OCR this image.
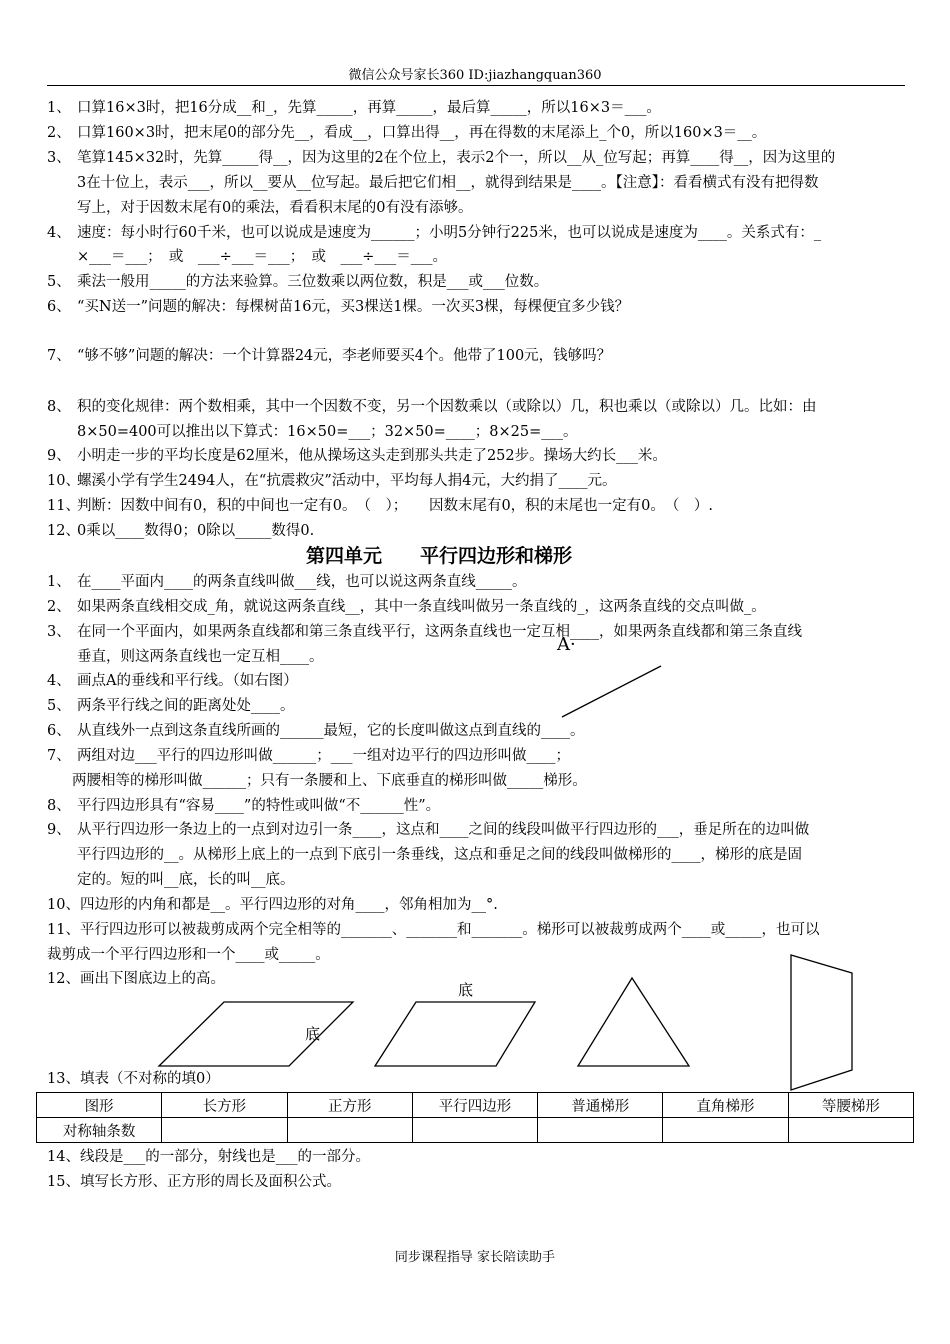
微信公众号家长360 ID:jiazhangquan360
1、 口算16×3时，把16分成__和_，先算_____，再算_____，最后算_____，所以16×3＝___。
2、 口算160×3时，把末尾0的部分先__，看成__，口算出得__，再在得数的末尾添上_个0，所以160×3＝__。
3、 笔算145×32时，先算_____得__，因为这里的2在个位上，表示2个一，所以__从_位写起；再算____得__，因为这里的
3在十位上，表示___，所以__要从__位写起。最后把它们相__，就得到结果是____。【注意】：看看横式有没有把得数
写上，对于因数末尾有0的乘法，看看积末尾的0有没有添够。
4、 速度：每小时行60千米，也可以说成是速度为______；小明5分钟行225米，也可以说成是速度为____。关系式有：_
×___＝___；　或　___÷___＝___；　或　___÷___＝___。
5、 乘法一般用_____的方法来验算。三位数乘以两位数，积是___或___位数。
6、 “买N送一”问题的解决：每棵树苗16元，买3棵送1棵。一次买3棵，每棵便宜多少钱？
7、 “够不够”问题的解决：一个计算器24元，李老师要买4个。他带了100元，钱够吗？
8、 积的变化规律：两个数相乘，其中一个因数不变，另一个因数乘以（或除以）几，积也乘以（或除以）几。比如：由
8×50=400可以推出以下算式：16×50=___；32×50=____；8×25=___。
9、 小明走一步的平均长度是62厘米，他从操场这头走到那头共走了252步。操场大约长___米。
10、螺溪小学有学生2494人，在“抗震救灾”活动中，平均每人捐4元，大约捐了____元。
11、判断：因数中间有0，积的中间也一定有0。　（　）；　　因数末尾有0，积的末尾也一定有0。　（　）.
12、0乘以____数得0；0除以_____数得0.
第四单元 平行四边形和梯形
1、 在____平面内____的两条直线叫做___线，也可以说这两条直线_____。
2、 如果两条直线相交成_角，就说这两条直线__，其中一条直线叫做另一条直线的_，这两条直线的交点叫做_。
3、 在同一个平面内，如果两条直线都和第三条直线平行，这两条直线也一定互相____，如果两条直线都和第三条直线
垂直，则这两条直线也一定互相____。
4、 画点A的垂线和平行线。（如右图）
5、 两条平行线之间的距离处处____。
6、 从直线外一点到这条直线所画的______最短，它的长度叫做这点到直线的____。
7、 两组对边___平行的四边形叫做______；___一组对边平行的四边形叫做____；
两腰相等的梯形叫做______；只有一条腰和上、下底垂直的梯形叫做_____梯形。
8、 平行四边形具有“容易____”的特性或叫做“不______性”。
9、 从平行四边形一条边上的一点到对边引一条____，这点和____之间的线段叫做平行四边形的___，垂足所在的边叫做
平行四边形的__。从梯形上底上的一点到下底引一条垂线，这点和垂足之间的线段叫做梯形的____，梯形的底是固
定的。短的叫__底，长的叫__底。
10、四边形的内角和都是__。平行四边形的对角____，邻角相加为__°.
11、平行四边形可以被裁剪成两个完全相等的_______、_______和_______。梯形可以被裁剪成两个____或_____，也可以
裁剪成一个平行四边形和一个____或_____。
12、画出下图底边上的高。
13、填表（不对称的填0）
14、线段是___的一部分，射线也是___的一部分。
15、填写长方形、正方形的周长及面积公式。
A·
底
底
图形	长方形	正方形	平行四边形	普通梯形	直角梯形	等腰梯形
对称轴条数						
同步课程指导 家长陪读助手
